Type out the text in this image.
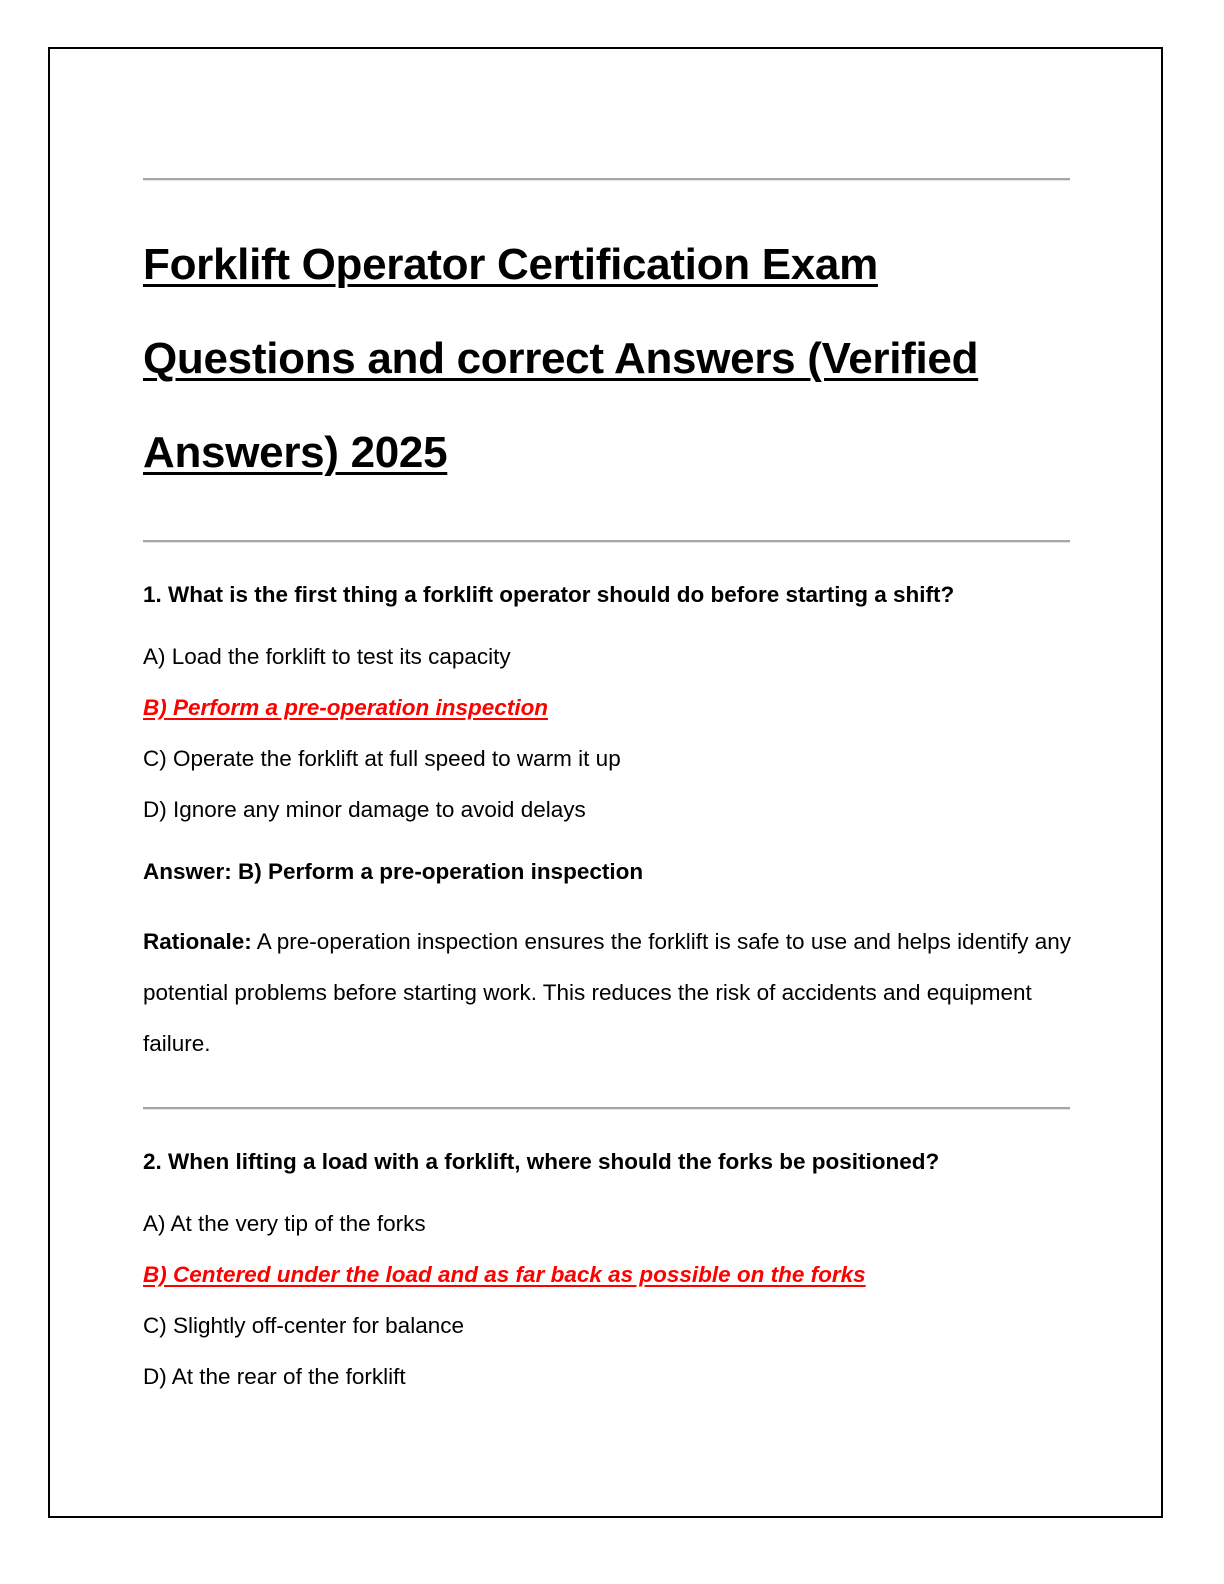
Forklift Operator Certification Exam
Questions and correct Answers (Verified
Answers) 2025

1. What is the first thing a forklift operator should do before starting a shift?

A) Load the forklift to test its capacity

B) Perform a pre-operation inspection

C) Operate the forklift at full speed to warm it up

D) Ignore any minor damage to avoid delays

Answer: B) Perform a pre-operation inspection

Rationale: A pre-operation inspection ensures the forklift is safe to use and helps identify any potential problems before starting work. This reduces the risk of accidents and equipment failure.

2. When lifting a load with a forklift, where should the forks be positioned?

A) At the very tip of the forks

B) Centered under the load and as far back as possible on the forks

C) Slightly off-center for balance

D) At the rear of the forklift
